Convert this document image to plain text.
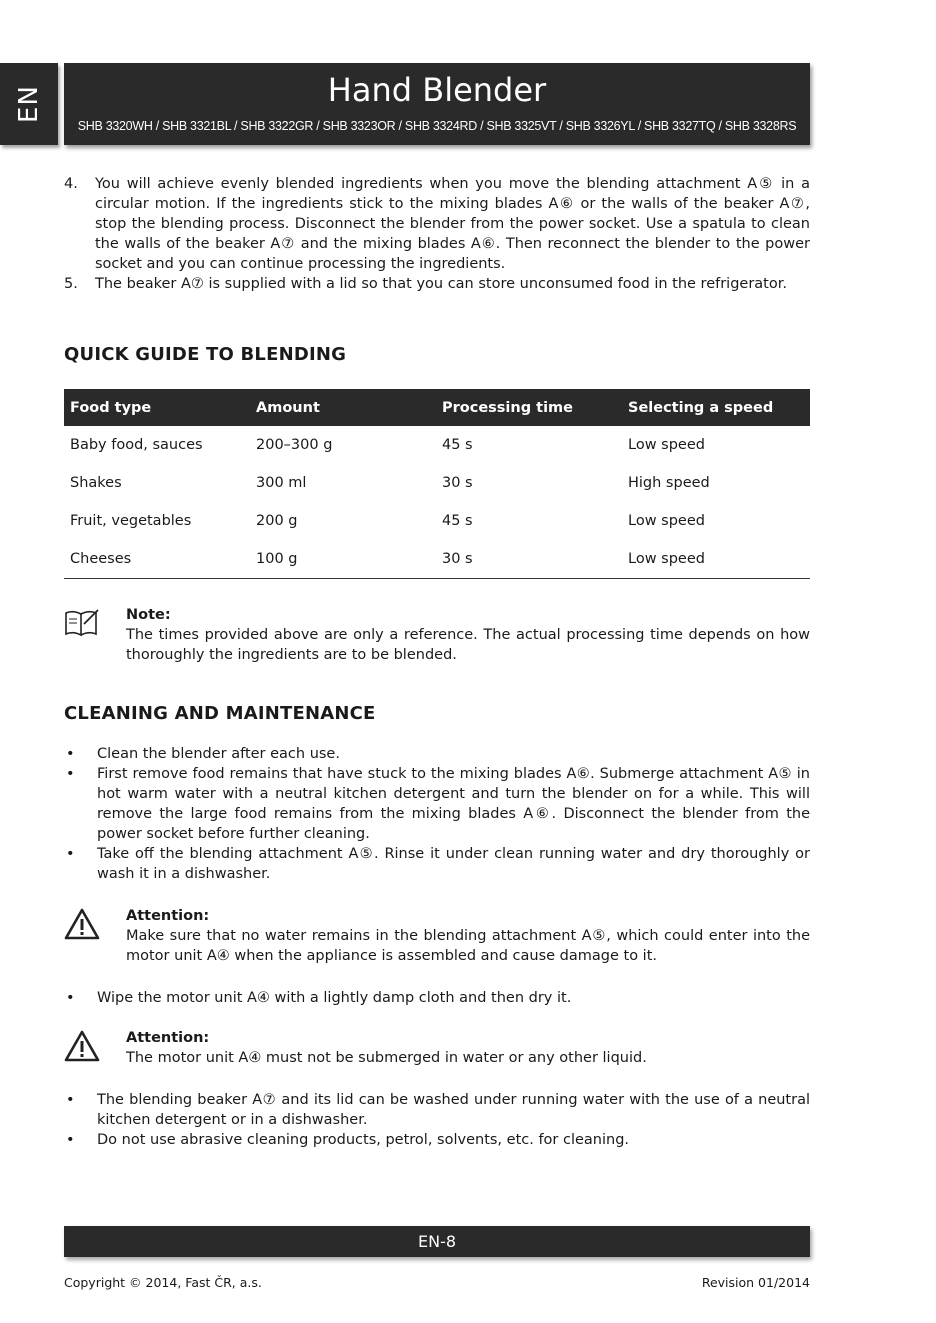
EN	Hand Blender
SHB 3320WH / SHB 3321BL / SHB 3322GR / SHB 3323OR / SHB 3324RD / SHB 3325VT / SHB 3326YL / SHB 3327TQ / SHB 3328RS
4.	You will achieve evenly blended ingredients when you move the blending attachment A⑤ in a circular motion. If the ingredients stick to the mixing blades A⑥ or the walls of the beaker A⑦, stop the blending process. Disconnect the blender from the power socket. Use a spatula to clean the walls of the beaker A⑦ and the mixing blades A⑥. Then reconnect the blender to the power socket and you can continue processing the ingredients.
5.	The beaker A⑦ is supplied with a lid so that you can store unconsumed food in the refrigerator.
QUICK GUIDE TO BLENDING
Food type	Amount	Processing time	Selecting a speed
Baby food, sauces	200–300 g	45 s	Low speed
Shakes	300 ml	30 s	High speed
Fruit, vegetables	200 g	45 s	Low speed
Cheeses	100 g	30 s	Low speed
Note:
The times provided above are only a reference. The actual processing time depends on how thoroughly the ingredients are to be blended.
CLEANING AND MAINTENANCE
•	Clean the blender after each use.
•	First remove food remains that have stuck to the mixing blades A⑥. Submerge attachment A⑤ in hot warm water with a neutral kitchen detergent and turn the blender on for a while. This will remove the large food remains from the mixing blades A⑥. Disconnect the blender from the power socket before further cleaning.
•	Take off the blending attachment A⑤. Rinse it under clean running water and dry thoroughly or wash it in a dishwasher.
Attention:
Make sure that no water remains in the blending attachment A⑤, which could enter into the motor unit A④ when the appliance is assembled and cause damage to it.
•	Wipe the motor unit A④ with a lightly damp cloth and then dry it.
Attention:
The motor unit A④ must not be submerged in water or any other liquid.
•	The blending beaker A⑦ and its lid can be washed under running water with the use of a neutral kitchen detergent or in a dishwasher.
•	Do not use abrasive cleaning products, petrol, solvents, etc. for cleaning.
EN-8
Copyright © 2014, Fast ČR, a.s.	Revision 01/2014
